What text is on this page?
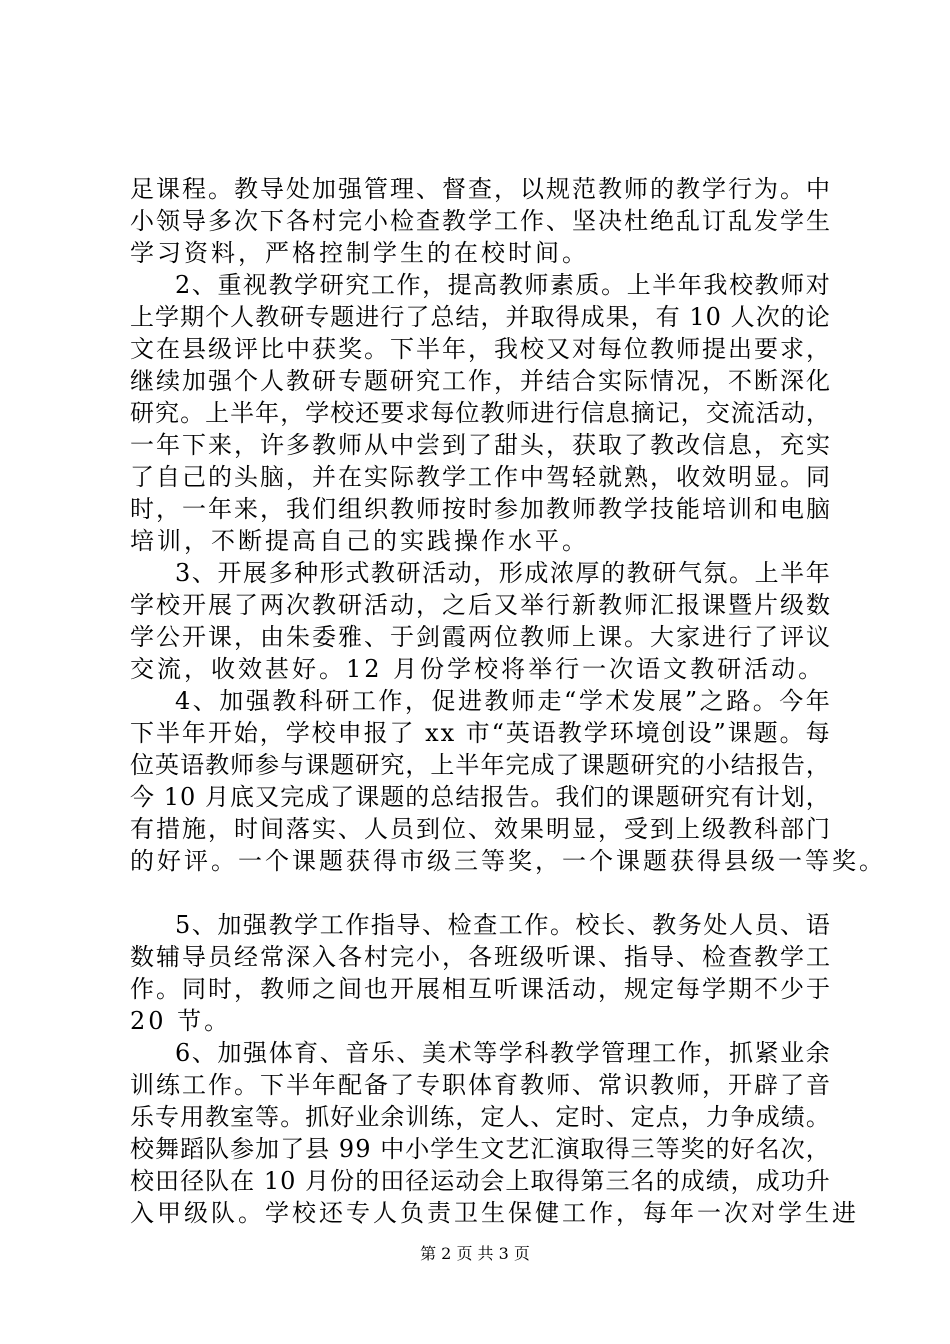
足 课 程 。 教 导 处 加 强 管 理 、 督 查 ， 以 规 范 教 师 的 教 学 行 为 。 中
小 领 导 多 次 下 各 村 完 小 检 查 教 学 工 作 、 坚 决 杜 绝 乱 订 乱 发 学 生
学习资料，严格控制学生的在校时间。
2 、 重 视 教 学 研 究 工 作 ， 提 高 教 师 素 质 。 上 半 年 我 校 教 师 对
上 学 期 个 人 教 研 专 题 进 行 了 总 结 ， 并 取 得 成 果 ， 有
1 0
人 次 的 论
文 在 县 级 评 比 中 获 奖 。 下 半 年 ， 我 校 又 对 每 位 教 师 提 出 要 求 ，
继 续 加 强 个 人 教 研 专 题 研 究 工 作 ， 并 结 合 实 际 情 况 ， 不 断 深 化
研 究 。 上 半 年 ， 学 校 还 要 求 每 位 教 师 进 行 信 息 摘 记 ， 交 流 活 动 ，
一 年 下 来 ， 许 多 教 师 从 中 尝 到 了 甜 头 ， 获 取 了 教 改 信 息 ， 充 实
了 自 己 的 头 脑 ， 并 在 实 际 教 学 工 作 中 驾 轻 就 熟 ， 收 效 明 显 。 同
时 ， 一 年 来 ， 我 们 组 织 教 师 按 时 参 加 教 师 教 学 技 能 培 训 和 电 脑
培训，不断提高自己的实践操作水平。
3 、 开 展 多 种 形 式 教 研 活 动 ， 形 成 浓 厚 的 教 研 气 氛 。 上 半 年
学 校 开 展 了 两 次 教 研 活 动 ， 之 后 又 举 行 新 教 师 汇 报 课 暨 片 级 数
学 公 开 课 ， 由 朱 委 雅 、 于 剑 霞 两 位 教 师 上 课 。 大 家 进 行 了 评 议
交流，收效甚好。12 月份学校将举行一次语文教研活动。
4 、 加 强 教 科 研 工 作 ， 促 进 教 师 走 “ 学 术 发 展 ” 之 路 。 今 年
下 半 年 开 始 ， 学 校 申 报 了
x x
市 “ 英 语 教 学 环 境 创 设 ” 课 题 。 每
位 英 语 教 师 参 与 课 题 研 究 ， 上 半 年 完 成 了 课 题 研 究 的 小 结 报 告 ，
今
1 0
月 底 又 完 成 了 课 题 的 总 结 报 告 。 我 们 的 课 题 研 究 有 计 划 ，
有 措 施 ， 时 间 落 实 、 人 员 到 位 、 效 果 明 显 ， 受 到 上 级 教 科 部 门
的好评。一个课题获得市级三等奖，一个课题获得县级一等奖。
5 、 加 强 教 学 工 作 指 导 、 检 查 工 作 。 校 长 、 教 务 处 人 员 、 语
数 辅 导 员 经 常 深 入 各 村 完 小 ， 各 班 级 听 课 、 指 导 、 检 查 教 学 工
作 。 同 时 ， 教 师 之 间 也 开 展 相 互 听 课 活 动 ， 规 定 每 学 期 不 少 于
20 节。
6 、 加 强 体 育 、 音 乐 、 美 术 等 学 科 教 学 管 理 工 作 ， 抓 紧 业 余
训 练 工 作 。 下 半 年 配 备 了 专 职 体 育 教 师 、 常 识 教 师 ， 开 辟 了 音
乐 专 用 教 室 等 。 抓 好 业 余 训 练 ， 定 人 、 定 时 、 定 点 ， 力 争 成 绩 。
校 舞 蹈 队 参 加 了 县
9 9
中 小 学 生 文 艺 汇 演 取 得 三 等 奖 的 好 名 次 ，
校 田 径 队 在
1 0
月 份 的 田 径 运 动 会 上 取 得 第 三 名 的 成 绩 ， 成 功 升
入甲级队。学校还专人负责卫生保健工作，每年一次对学生进
第 2 页 共 3 页
